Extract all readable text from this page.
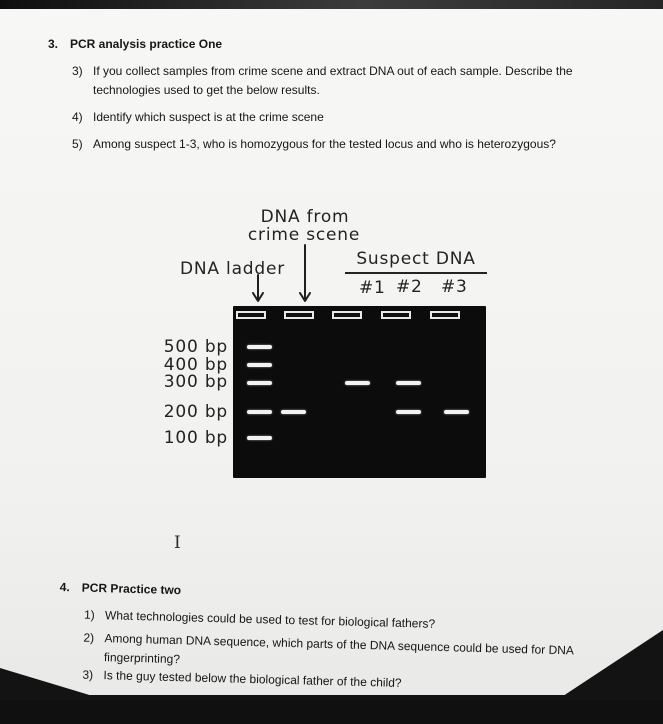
3. PCR analysis practice One
3) If you collect samples from crime scene and extract DNA out of each sample. Describe the technologies used to get the below results.
4) Identify which suspect is at the crime scene
5) Among suspect 1-3, who is homozygous for the tested locus and who is heterozygous?
DNA from
crime scene
DNA ladder	Suspect DNA
#1 #2 #3
500 bp
400 bp
300 bp
200 bp
100 bp
I
4. PCR Practice two
1) What technologies could be used to test for biological fathers?
2) Among human DNA sequence, which parts of the DNA sequence could be used for DNA fingerprinting?
3) Is the guy tested below the biological father of the child?
